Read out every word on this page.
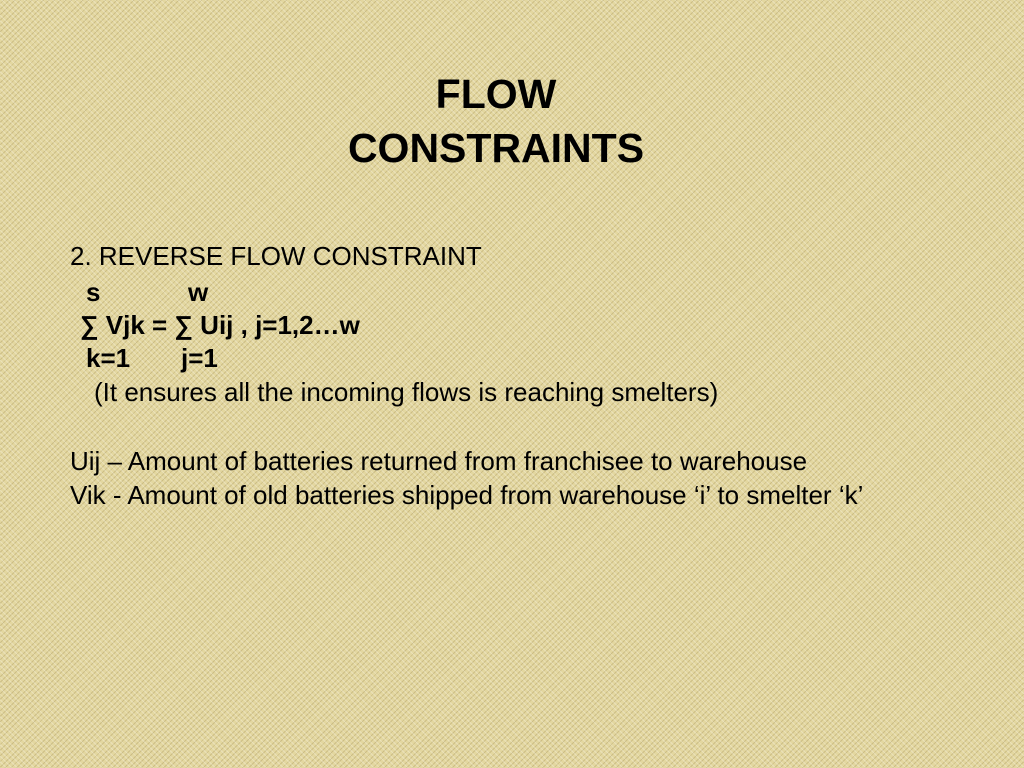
FLOW
CONSTRAINTS
2. REVERSE FLOW CONSTRAINT
s	w
∑ Vjk = ∑ Uij , j=1,2…w
k=1 j=1
(It ensures all the incoming flows is reaching smelters)
Uij – Amount of batteries returned from franchisee to warehouse
Vik - Amount of old batteries shipped from warehouse ‘i’ to smelter ‘k’
